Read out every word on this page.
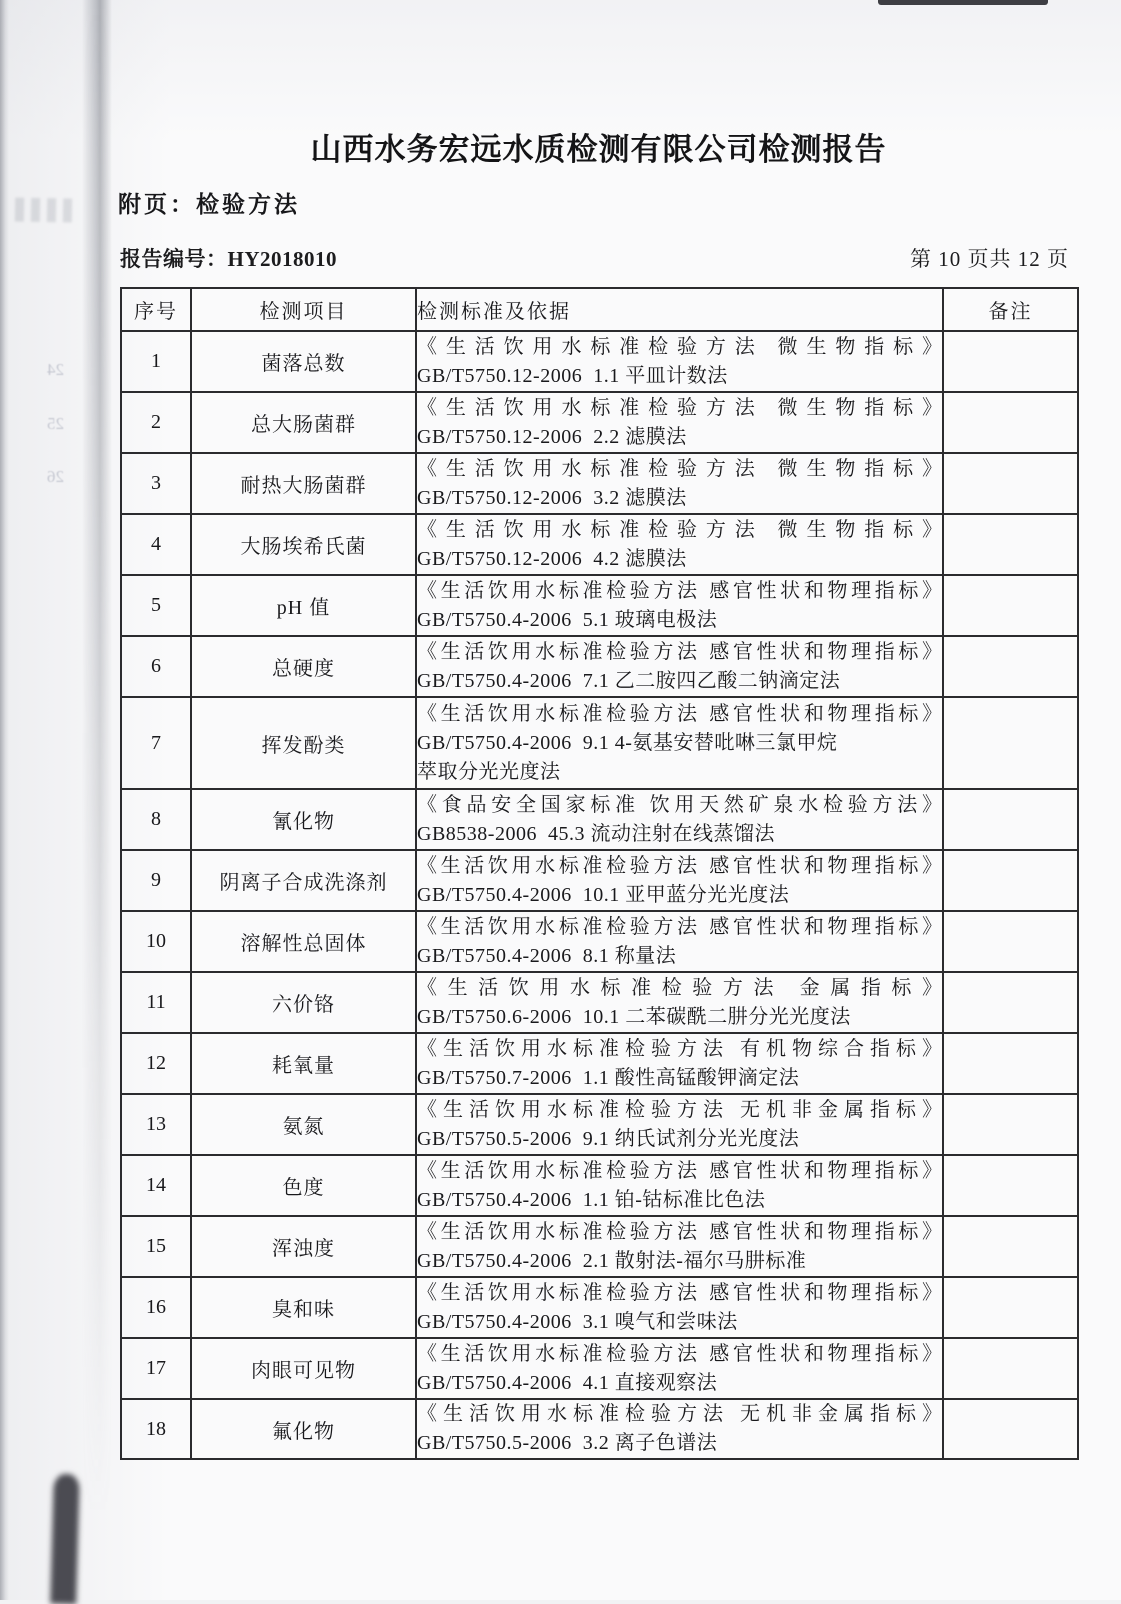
24
25
26
山西水务宏远水质检测有限公司检测报告
附页：检验方法
报告编号：HY2018010	第 10 页共 12 页
序号	检测项目	检测标准及依据	备注
1	菌落总数	《生活饮用水标准检验方法 微生物指标》
GB/T5750.12-2006  1.1 平皿计数法	

2	总大肠菌群	《生活饮用水标准检验方法 微生物指标》
GB/T5750.12-2006  2.2 滤膜法	

3	耐热大肠菌群	《生活饮用水标准检验方法 微生物指标》
GB/T5750.12-2006  3.2 滤膜法	

4	大肠埃希氏菌	《生活饮用水标准检验方法 微生物指标》
GB/T5750.12-2006  4.2 滤膜法	

5	pH 值	《生活饮用水标准检验方法 感官性状和物理指标》
GB/T5750.4-2006  5.1 玻璃电极法	

6	总硬度	《生活饮用水标准检验方法 感官性状和物理指标》
GB/T5750.4-2006  7.1 乙二胺四乙酸二钠滴定法	

7	挥发酚类	《生活饮用水标准检验方法 感官性状和物理指标》
GB/T5750.4-2006  9.1 4-氨基安替吡啉三氯甲烷
萃取分光光度法	

8	氰化物	《食品安全国家标准 饮用天然矿泉水检验方法》
GB8538-2006  45.3 流动注射在线蒸馏法	

9	阴离子合成洗涤剂	《生活饮用水标准检验方法 感官性状和物理指标》
GB/T5750.4-2006  10.1 亚甲蓝分光光度法	

10	溶解性总固体	《生活饮用水标准检验方法 感官性状和物理指标》
GB/T5750.4-2006  8.1 称量法	

11	六价铬	《生活饮用水标准检验方法 金属指标》
GB/T5750.6-2006  10.1 二苯碳酰二肼分光光度法	

12	耗氧量	《生活饮用水标准检验方法 有机物综合指标》
GB/T5750.7-2006  1.1 酸性高锰酸钾滴定法	

13	氨氮	《生活饮用水标准检验方法 无机非金属指标》
GB/T5750.5-2006  9.1 纳氏试剂分光光度法	

14	色度	《生活饮用水标准检验方法 感官性状和物理指标》
GB/T5750.4-2006  1.1 铂-钴标准比色法	

15	浑浊度	《生活饮用水标准检验方法 感官性状和物理指标》
GB/T5750.4-2006  2.1 散射法-福尔马肼标准	

16	臭和味	《生活饮用水标准检验方法 感官性状和物理指标》
GB/T5750.4-2006  3.1 嗅气和尝味法	

17	肉眼可见物	《生活饮用水标准检验方法 感官性状和物理指标》
GB/T5750.4-2006  4.1 直接观察法	

18	氟化物	《生活饮用水标准检验方法 无机非金属指标》
GB/T5750.5-2006  3.2 离子色谱法	
